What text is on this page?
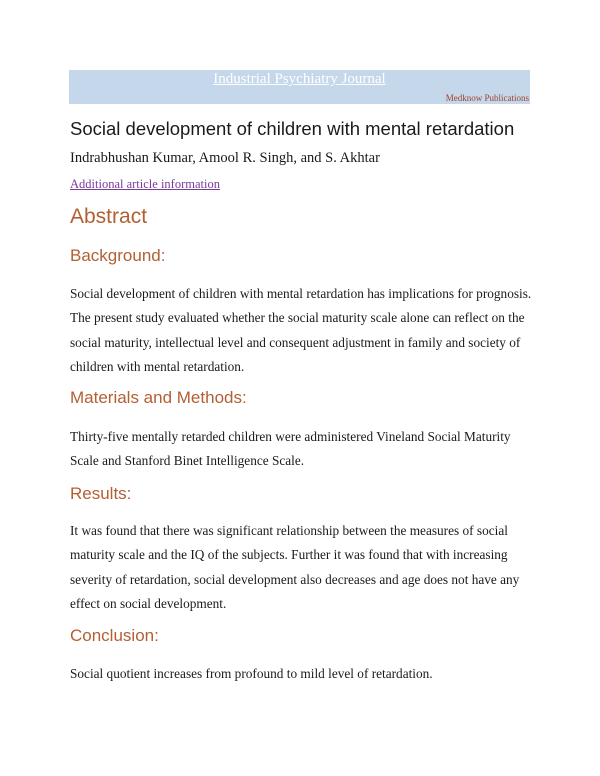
Industrial Psychiatry Journal
Medknow Publications
Social development of children with mental retardation
Indrabhushan Kumar, Amool R. Singh, and S. Akhtar
Additional article information
Abstract
Background:

Social development of children with mental retardation has implications for prognosis. The present study evaluated whether the social maturity scale alone can reflect on the social maturity, intellectual level and consequent adjustment in family and society of children with mental retardation.

Materials and Methods:

Thirty-five mentally retarded children were administered Vineland Social Maturity Scale and Stanford Binet Intelligence Scale.

Results:

It was found that there was significant relationship between the measures of social maturity scale and the IQ of the subjects. Further it was found that with increasing severity of retardation, social development also decreases and age does not have any effect on social development.

Conclusion:

Social quotient increases from profound to mild level of retardation.
